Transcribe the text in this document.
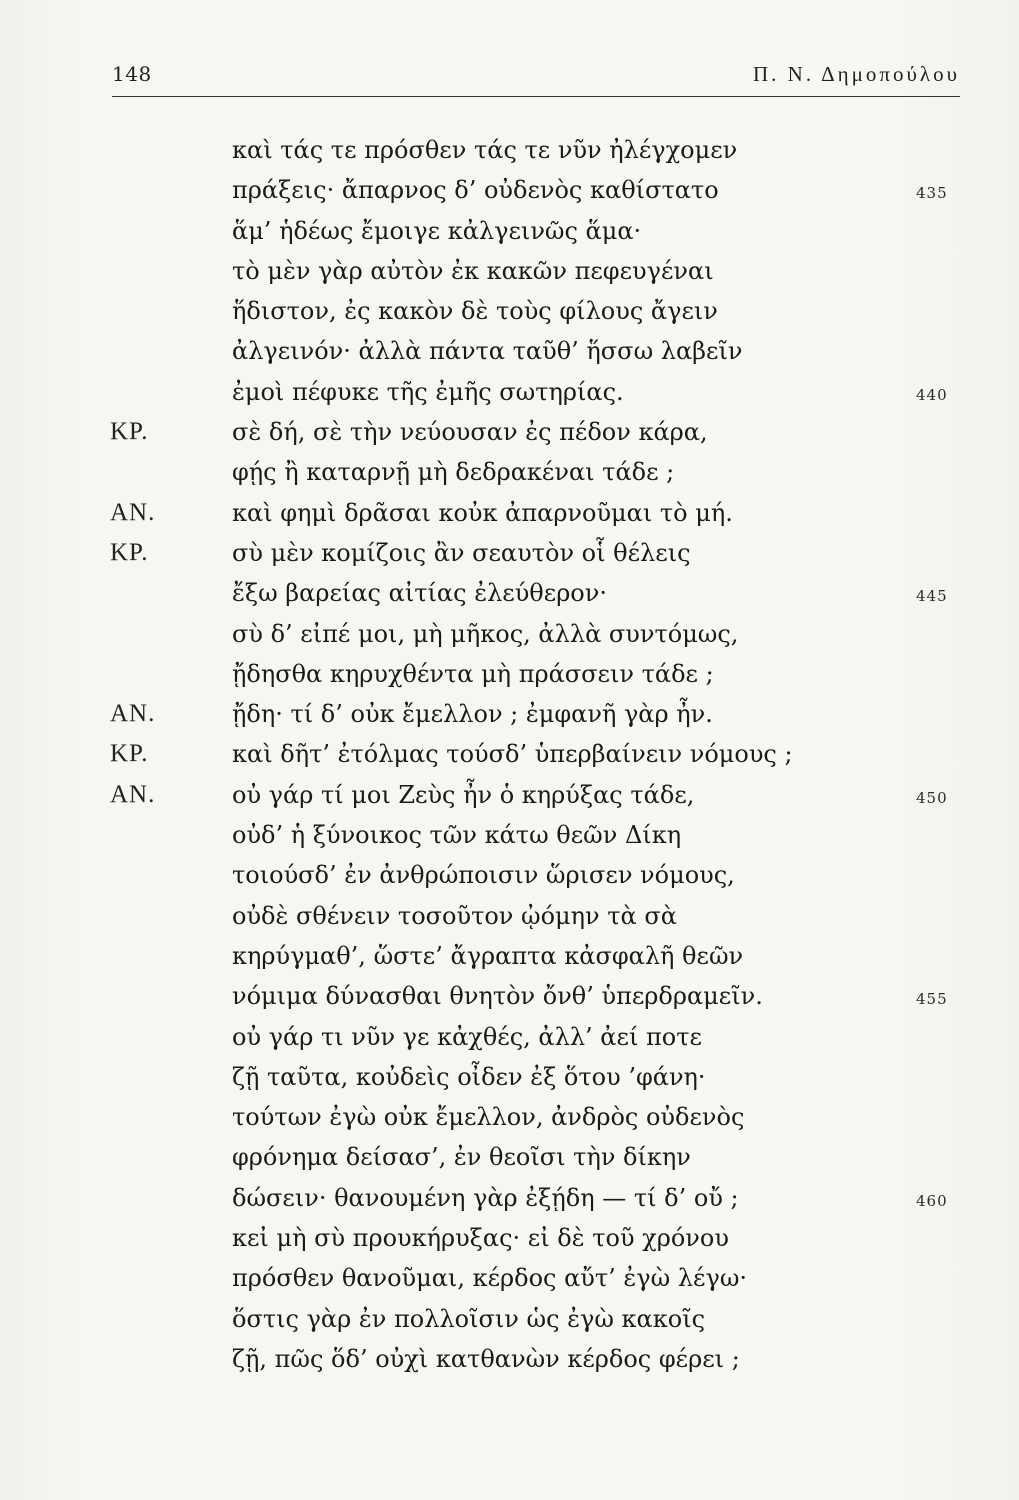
148	Π. Ν. Δημοπούλου
καὶ τάς τε πρόσθεν τάς τε νῦν ἠλέγχομεν
πράξεις· ἄπαρνος δ’ οὐδενὸς καθίστατο	435
ἅμ’ ἡδέως ἔμοιγε κἀλγεινῶς ἅμα·
τὸ μὲν γὰρ αὐτὸν ἐκ κακῶν πεφευγέναι
ἥδιστον, ἐς κακὸν δὲ τοὺς φίλους ἄγειν
ἀλγεινόν· ἀλλὰ πάντα ταῦθ’ ἥσσω λαβεῖν
ἐμοὶ πέφυκε τῆς ἐμῆς σωτηρίας.	440
ΚΡ.	σὲ δή, σὲ τὴν νεύουσαν ἐς πέδον κάρα,
φῄς ἢ καταρνῇ μὴ δεδρακέναι τάδε ;
ΑΝ.	καὶ φημὶ δρᾶσαι κοὐκ ἀπαρνοῦμαι τὸ μή.
ΚΡ.	σὺ μὲν κομίζοις ἂν σεαυτὸν οἷ θέλεις
ἔξω βαρείας αἰτίας ἐλεύθερον·	445
σὺ δ’ εἰπέ μοι, μὴ μῆκος, ἀλλὰ συντόμως,
ᾔδησθα κηρυχθέντα μὴ πράσσειν τάδε ;
ΑΝ.	ᾔδη· τί δ’ οὐκ ἔμελλον ; ἐμφανῆ γὰρ ἦν.
ΚΡ.	καὶ δῆτ’ ἐτόλμας τούσδ’ ὑπερβαίνειν νόμους ;
ΑΝ.	οὐ γάρ τί μοι Ζεὺς ἦν ὁ κηρύξας τάδε,	450
οὐδ’ ἡ ξύνοικος τῶν κάτω θεῶν Δίκη
τοιούσδ’ ἐν ἀνθρώποισιν ὥρισεν νόμους,
οὐδὲ σθένειν τοσοῦτον ᾠόμην τὰ σὰ
κηρύγμαθ’, ὥστε’ ἄγραπτα κἀσφαλῆ θεῶν
νόμιμα δύνασθαι θνητὸν ὄνθ’ ὑπερδραμεῖν.	455
οὐ γάρ τι νῦν γε κἀχθές, ἀλλ’ ἀεί ποτε
ζῇ ταῦτα, κοὐδεὶς οἶδεν ἐξ ὅτου ’φάνη·
τούτων ἐγὼ οὐκ ἔμελλον, ἀνδρὸς οὐδενὸς
φρόνημα δείσασ’, ἐν θεοῖσι τὴν δίκην
δώσειν· θανουμένη γὰρ ἐξῄδη — τί δ’ οὔ ;	460
κεἰ μὴ σὺ προυκήρυξας· εἰ δὲ τοῦ χρόνου
πρόσθεν θανοῦμαι, κέρδος αὔτ’ ἐγὼ λέγω·
ὅστις γὰρ ἐν πολλοῖσιν ὡς ἐγὼ κακοῖς
ζῇ, πῶς ὅδ’ οὐχὶ κατθανὼν κέρδος φέρει ;
